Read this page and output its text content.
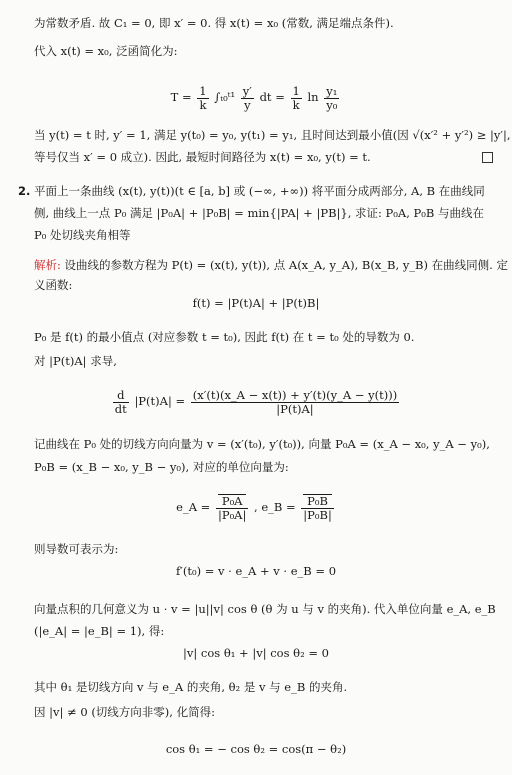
为常数矛盾. 故 C₁ = 0, 即 x′ = 0. 得 x(t) = x₀ (常数, 满足端点条件).
代入 x(t) = x₀, 泛函简化为:
$T = \frac{1}{k}$ ∫ₜ₀ᵗ¹ $\frac{y'}{y}$ dt = $\frac{1}{k}$ $\ln \frac{\text{y₁}}{\text{y₀}}$
当 y(t) = t 时, y′ = 1, 满足 y(t₀) = y₀, y(t₁) = y₁, 且时间达到最小值(因 √(x′² + y′²) ≥ |y′|,
等号仅当 x′ = 0 成立). 因此, 最短时间路径为 x(t) = x₀, y(t) = t.
2. 平面上一条曲线 (x(t), y(t))(t ∈ [a, b] 或 (−∞, +∞)) 将平面分成两部分, A, B 在曲线同
侧, 曲线上一点 P₀ 满足 |P₀A| + |P₀B| = min{|PA| + |PB|}, 求证: P₀A, P₀B 与曲线在
P₀ 处切线夹角相等
解析: 设曲线的参数方程为 P(t) = (x(t), y(t)), 点 A(x_A, y_A), B(x_B, y_B) 在曲线同侧. 定
义函数:
f(t) = |P(t)A| + |P(t)B|
P₀ 是 f(t) 的最小值点 (对应参数 t = t₀), 因此 f(t) 在 t = t₀ 处的导数为 0.
对 |P(t)A| 求导,
$\frac{d}{dt} |P(t)A| = \frac{(x'(t)(x\_A - x(t)) + y'(t)(y\_A - y(t)))}{|P(t)A|}$
记曲线在 P₀ 处的切线方向向量为 v = (x′(t₀), y′(t₀)), 向量 P₀A = (x_A − x₀, y_A − y₀),
P₀B = (x_B − x₀, y_B − y₀), 对应的单位向量为:
e_A = $\frac{\text{P₀A}}{\text{|P₀A|}}$ , e_B = $\frac{\text{P₀B}}{\text{|P₀B|}}$
则导数可表示为:
f′(t₀) = v · e_A + v · e_B = 0
向量点积的几何意义为 u · v = |u||v| cos θ (θ 为 u 与 v 的夹角). 代入单位向量 e_A, e_B
(|e_A| = |e_B| = 1), 得:
|v| cos θ₁ + |v| cos θ₂ = 0
其中 θ₁ 是切线方向 v 与 e_A 的夹角, θ₂ 是 v 与 e_B 的夹角.
因 |v| ≠ 0 (切线方向非零), 化简得:
cos θ₁ = − cos θ₂ = cos(π − θ₂)
